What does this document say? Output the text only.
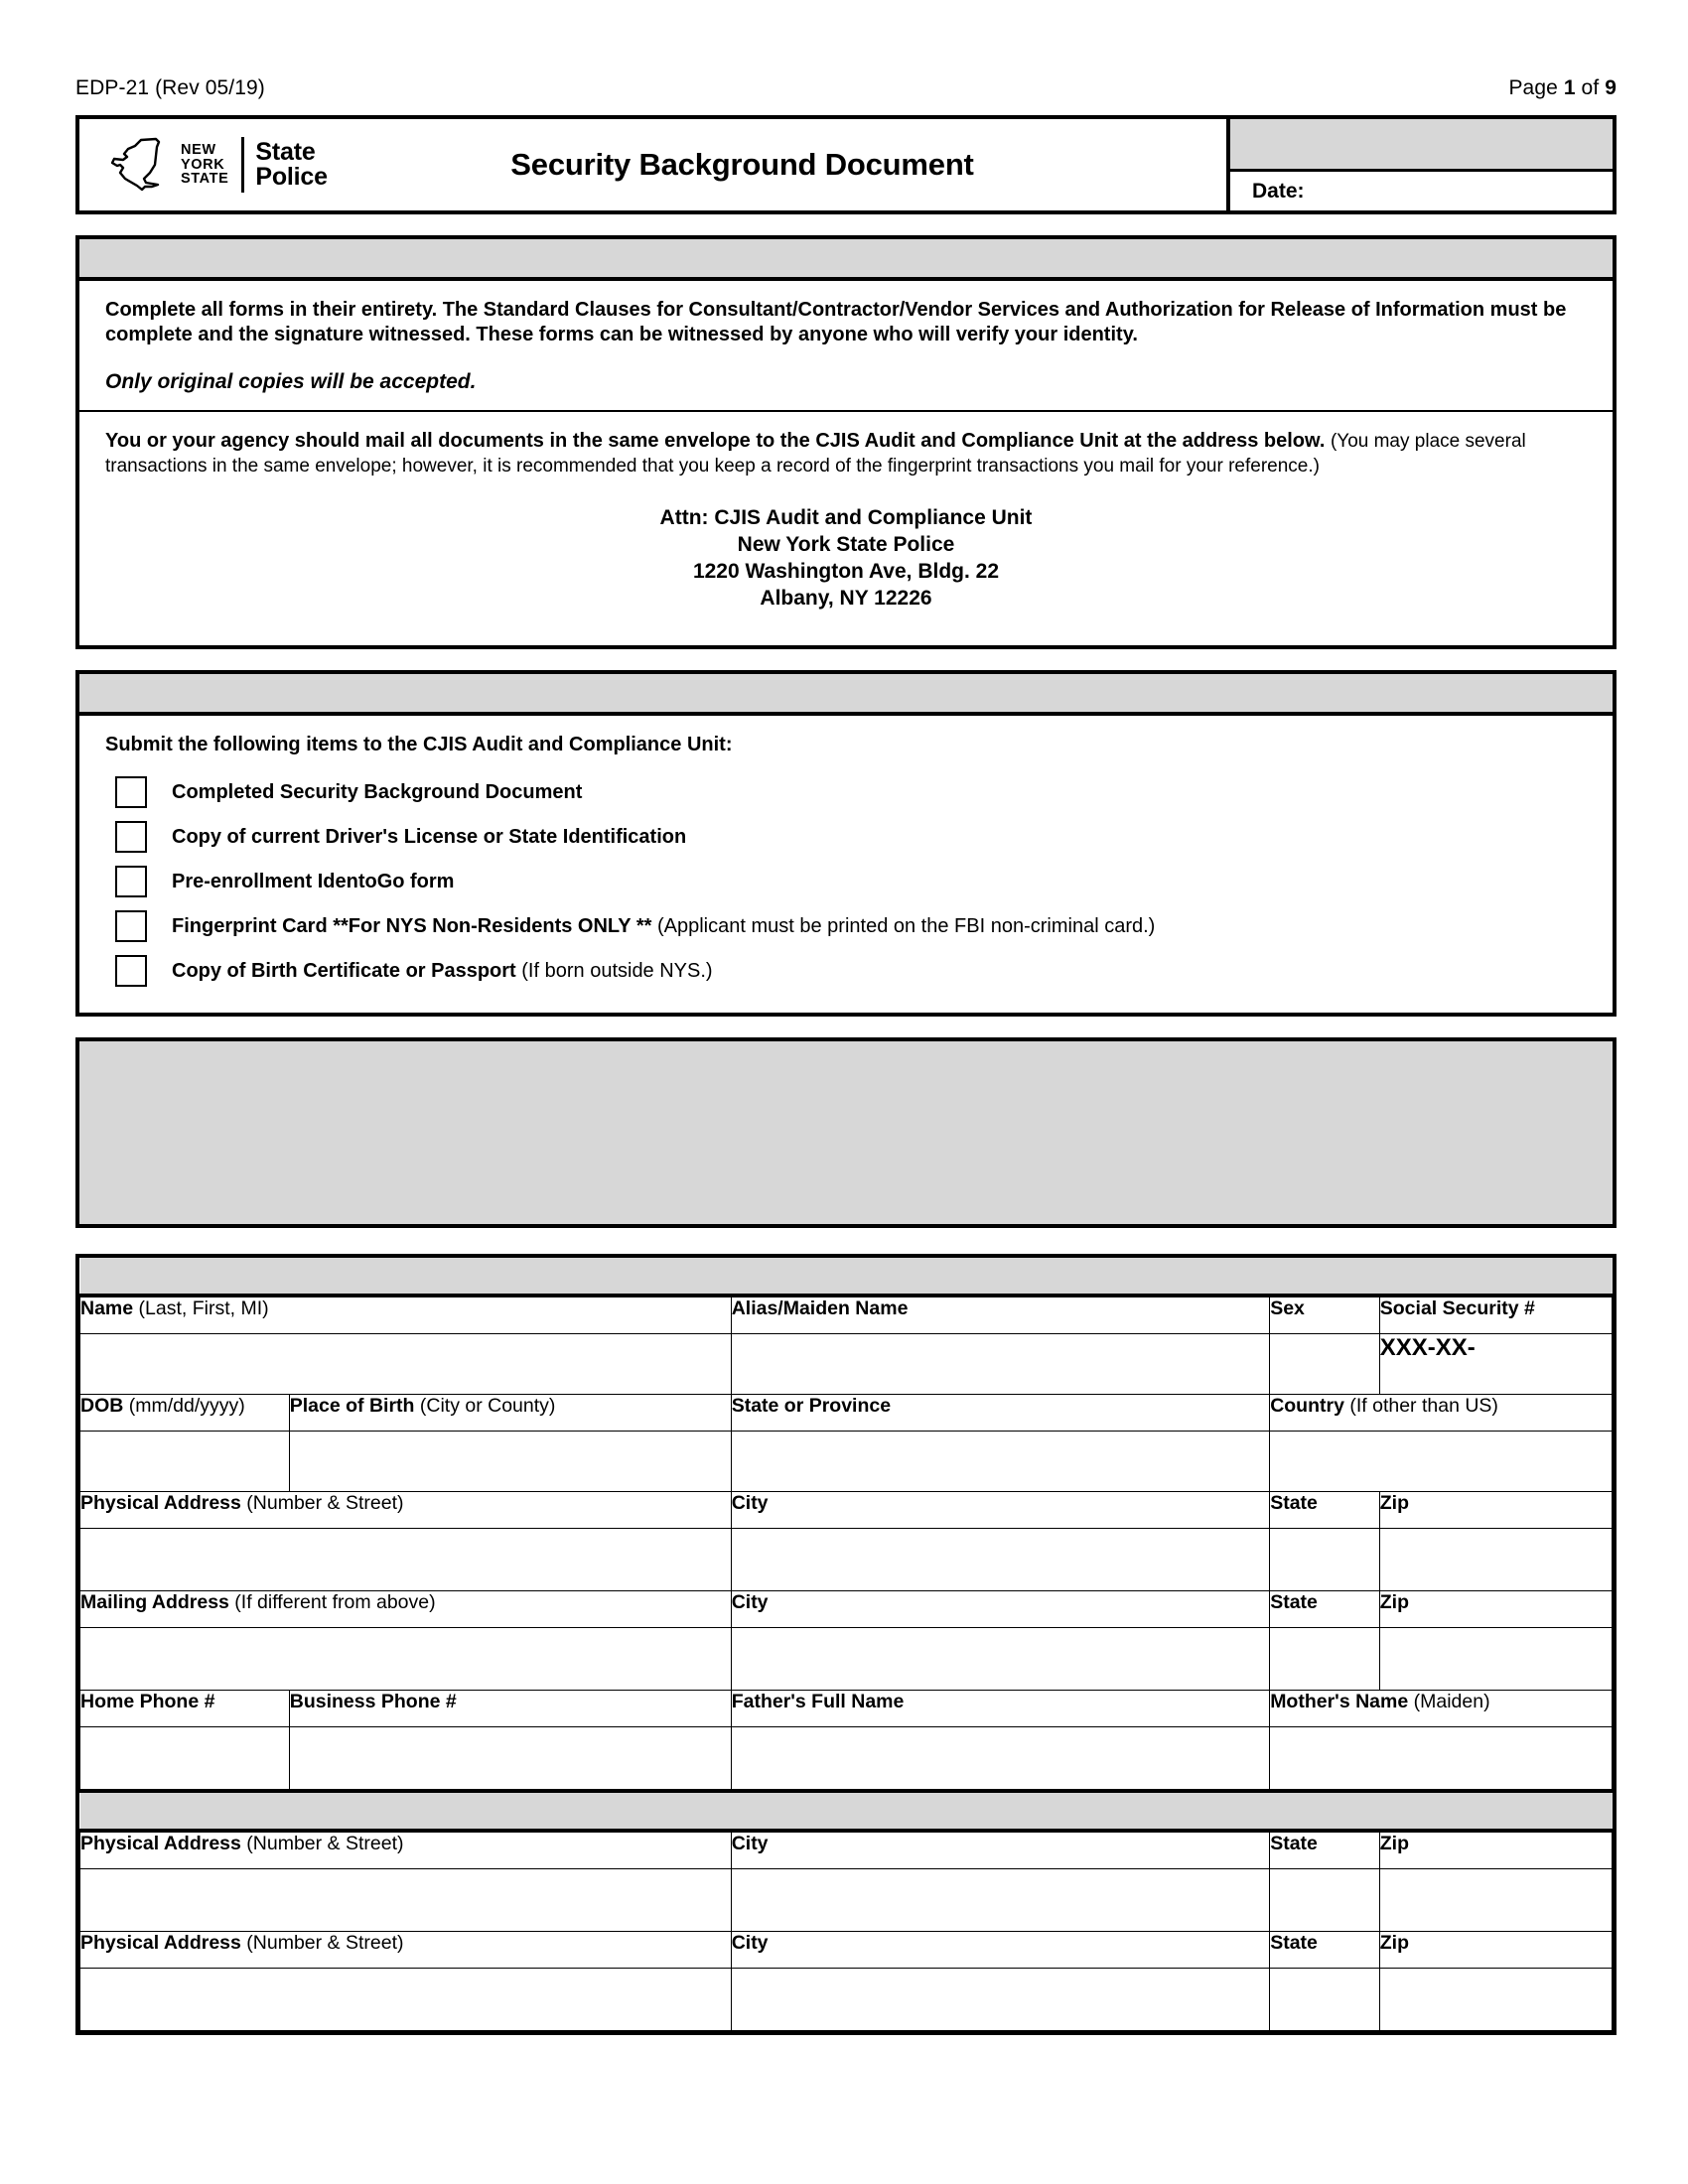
EDP-21 (Rev 05/19)	Page 1 of 9
NEW
YORK
STATE
State
Police	Security Background Document
Date:
Complete all forms in their entirety. The Standard Clauses for Consultant/Contractor/Vendor Services and Authorization for Release of Information must be complete and the signature witnessed. These forms can be witnessed by anyone who will verify your identity.
Only original copies will be accepted.
You or your agency should mail all documents in the same envelope to the CJIS Audit and Compliance Unit at the address below. (You may place several transactions in the same envelope; however, it is recommended that you keep a record of the fingerprint transactions you mail for your reference.)
Attn: CJIS Audit and Compliance Unit
New York State Police
1220 Washington Ave, Bldg. 22
Albany, NY 12226
Submit the following items to the CJIS Audit and Compliance Unit:
Completed Security Background Document
Copy of current Driver's License or State Identification
Pre-enrollment IdentoGo form
Fingerprint Card **For NYS Non-Residents ONLY ** (Applicant must be printed on the FBI non-criminal card.)
Copy of Birth Certificate or Passport (If born outside NYS.)

Name (Last, First, MI)		Alias/Maiden Name	Sex	Social Security #
				XXX-XX-
DOB (mm/dd/yyyy)	Place of Birth (City or County)	State or Province	Country (If other than US)	

Physical Address (Number & Street)		City	State	Zip

Mailing Address (If different from above)		City	State	Zip

Home Phone #	Business Phone #	Father's Full Name	Mother's Name (Maiden)	

Physical Address (Number & Street)		City	State	Zip

Physical Address (Number & Street)		City	State	Zip
